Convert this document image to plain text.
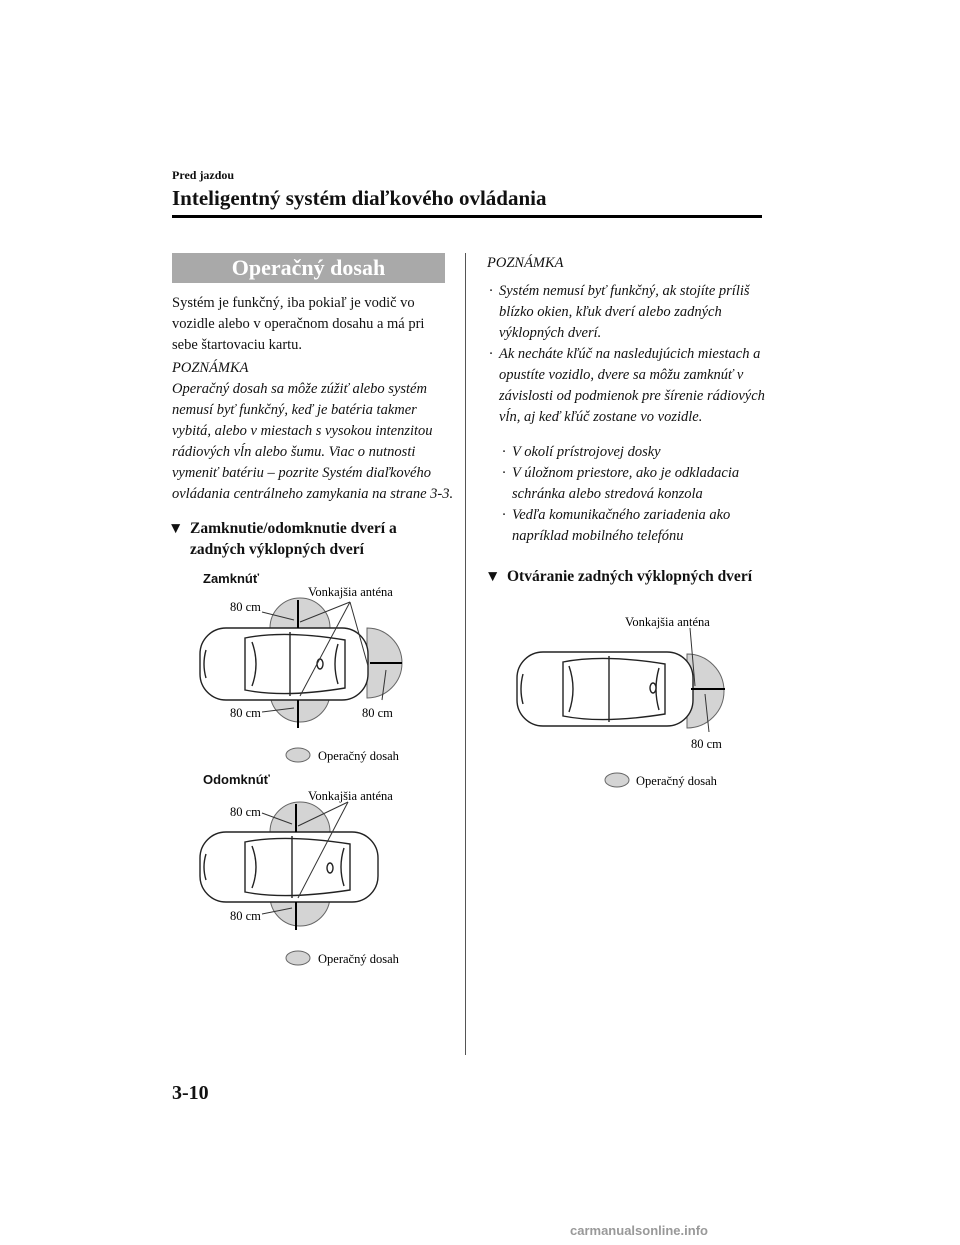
Pred jazdou
Inteligentný systém diaľkového ovládania
Operačný dosah
Systém je funkčný, iba pokiaľ je vodič vo vozidle alebo v operačnom dosahu a má pri sebe štartovaciu kartu.
POZNÁMKA
Operačný dosah sa môže zúžiť alebo systém nemusí byť funkčný, keď je batéria takmer vybitá, alebo v miestach s vysokou intenzitou rádiových vĺn alebo šumu. Viac o nutnosti vymeniť batériu – pozrite Systém diaľkového ovládania centrálneho zamykania na strane 3-3.
▼ Zamknutie/odomknutie dverí a zadných výklopných dverí
Zamknúť
Vonkajšia anténa
80 cm
80 cm	80 cm
Operačný dosah
Odomknúť
Vonkajšia anténa
80 cm
80 cm
Operačný dosah
POZNÁMKA
· Systém nemusí byť funkčný, ak stojíte príliš blízko okien, kľuk dverí alebo zadných výklopných dverí.
· Ak necháte kľúč na nasledujúcich miestach a opustíte vozidlo, dvere sa môžu zamknúť v závislosti od podmienok pre šírenie rádiových vĺn, aj keď kľúč zostane vo vozidle.
· V okolí prístrojovej dosky
· V úložnom priestore, ako je odkladacia schránka alebo stredová konzola
· Vedľa komunikačného zariadenia ako napríklad mobilného telefónu
▼ Otváranie zadných výklopných dverí
Vonkajšia anténa
80 cm
Operačný dosah
3-10
carmanualsonline.info
